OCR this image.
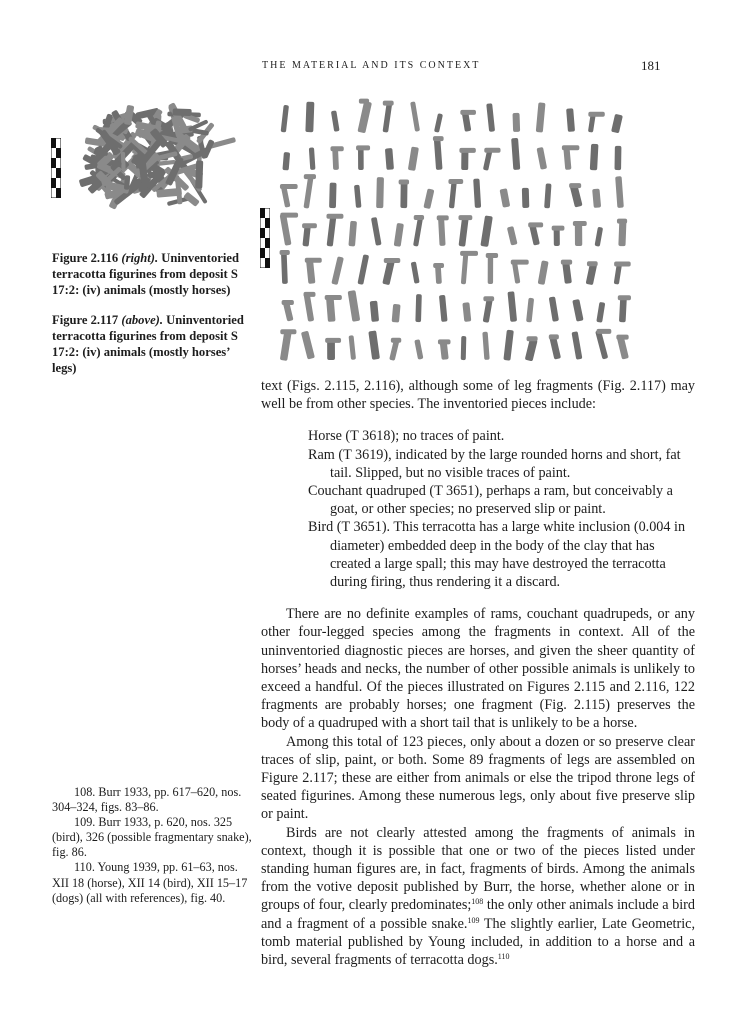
THE MATERIAL AND ITS CONTEXT	181
Figure 2.116 (right). Uninventoried terracotta figurines from deposit S 17:2: (iv) animals (mostly horses)
Figure 2.117 (above). Uninventoried terracotta figurines from deposit S 17:2: (iv) animals (mostly horses’ legs)

text (Figs. 2.115, 2.116), although some of leg fragments (Fig. 2.117) may well be from other species. The inventoried pieces include:

Horse (T 3618); no traces of paint.
Ram (T 3619), indicated by the large rounded horns and short, fat tail. Slipped, but no visible traces of paint.
Couchant quadruped (T 3651), perhaps a ram, but conceivably a goat, or other species; no preserved slip or paint.
Bird (T 3651). This terracotta has a large white inclusion (0.004 in diameter) embedded deep in the body of the clay that has created a large spall; this may have destroyed the terracotta during firing, thus rendering it a discard.

There are no definite examples of rams, couchant quadrupeds, or any other four-legged species among the fragments in context. All of the uninventoried diagnostic pieces are horses, and given the sheer quantity of horses’ heads and necks, the number of other possible animals is unlikely to exceed a handful. Of the pieces illustrated on Figures 2.115 and 2.116, 122 fragments are probably horses; one fragment (Fig. 2.115) preserves the body of a quadruped with a short tail that is unlikely to be a horse.

Among this total of 123 pieces, only about a dozen or so preserve clear traces of slip, paint, or both. Some 89 fragments of legs are assembled on Figure 2.117; these are either from animals or else the tripod throne legs of seated figurines. Among these numerous legs, only about five preserve slip or paint.

Birds are not clearly attested among the fragments of animals in context, though it is possible that one or two of the pieces listed under standing human figures are, in fact, fragments of birds. Among the animals from the votive deposit published by Burr, the horse, whether alone or in groups of four, clearly predominates;$^{108}$ the only other animals include a bird and a fragment of a possible snake.$^{109}$ The slightly earlier, Late Geometric, tomb material published by Young included, in addition to a horse and a bird, several fragments of terracotta dogs.$^{110}$

108. Burr 1933, pp. 617–620, nos. 304–324, figs. 83–86.
109. Burr 1933, p. 620, nos. 325 (bird), 326 (possible fragmentary snake), fig. 86.
110. Young 1939, pp. 61–63, nos. XII 18 (horse), XII 14 (bird), XII 15–17 (dogs) (all with references), fig. 40.
